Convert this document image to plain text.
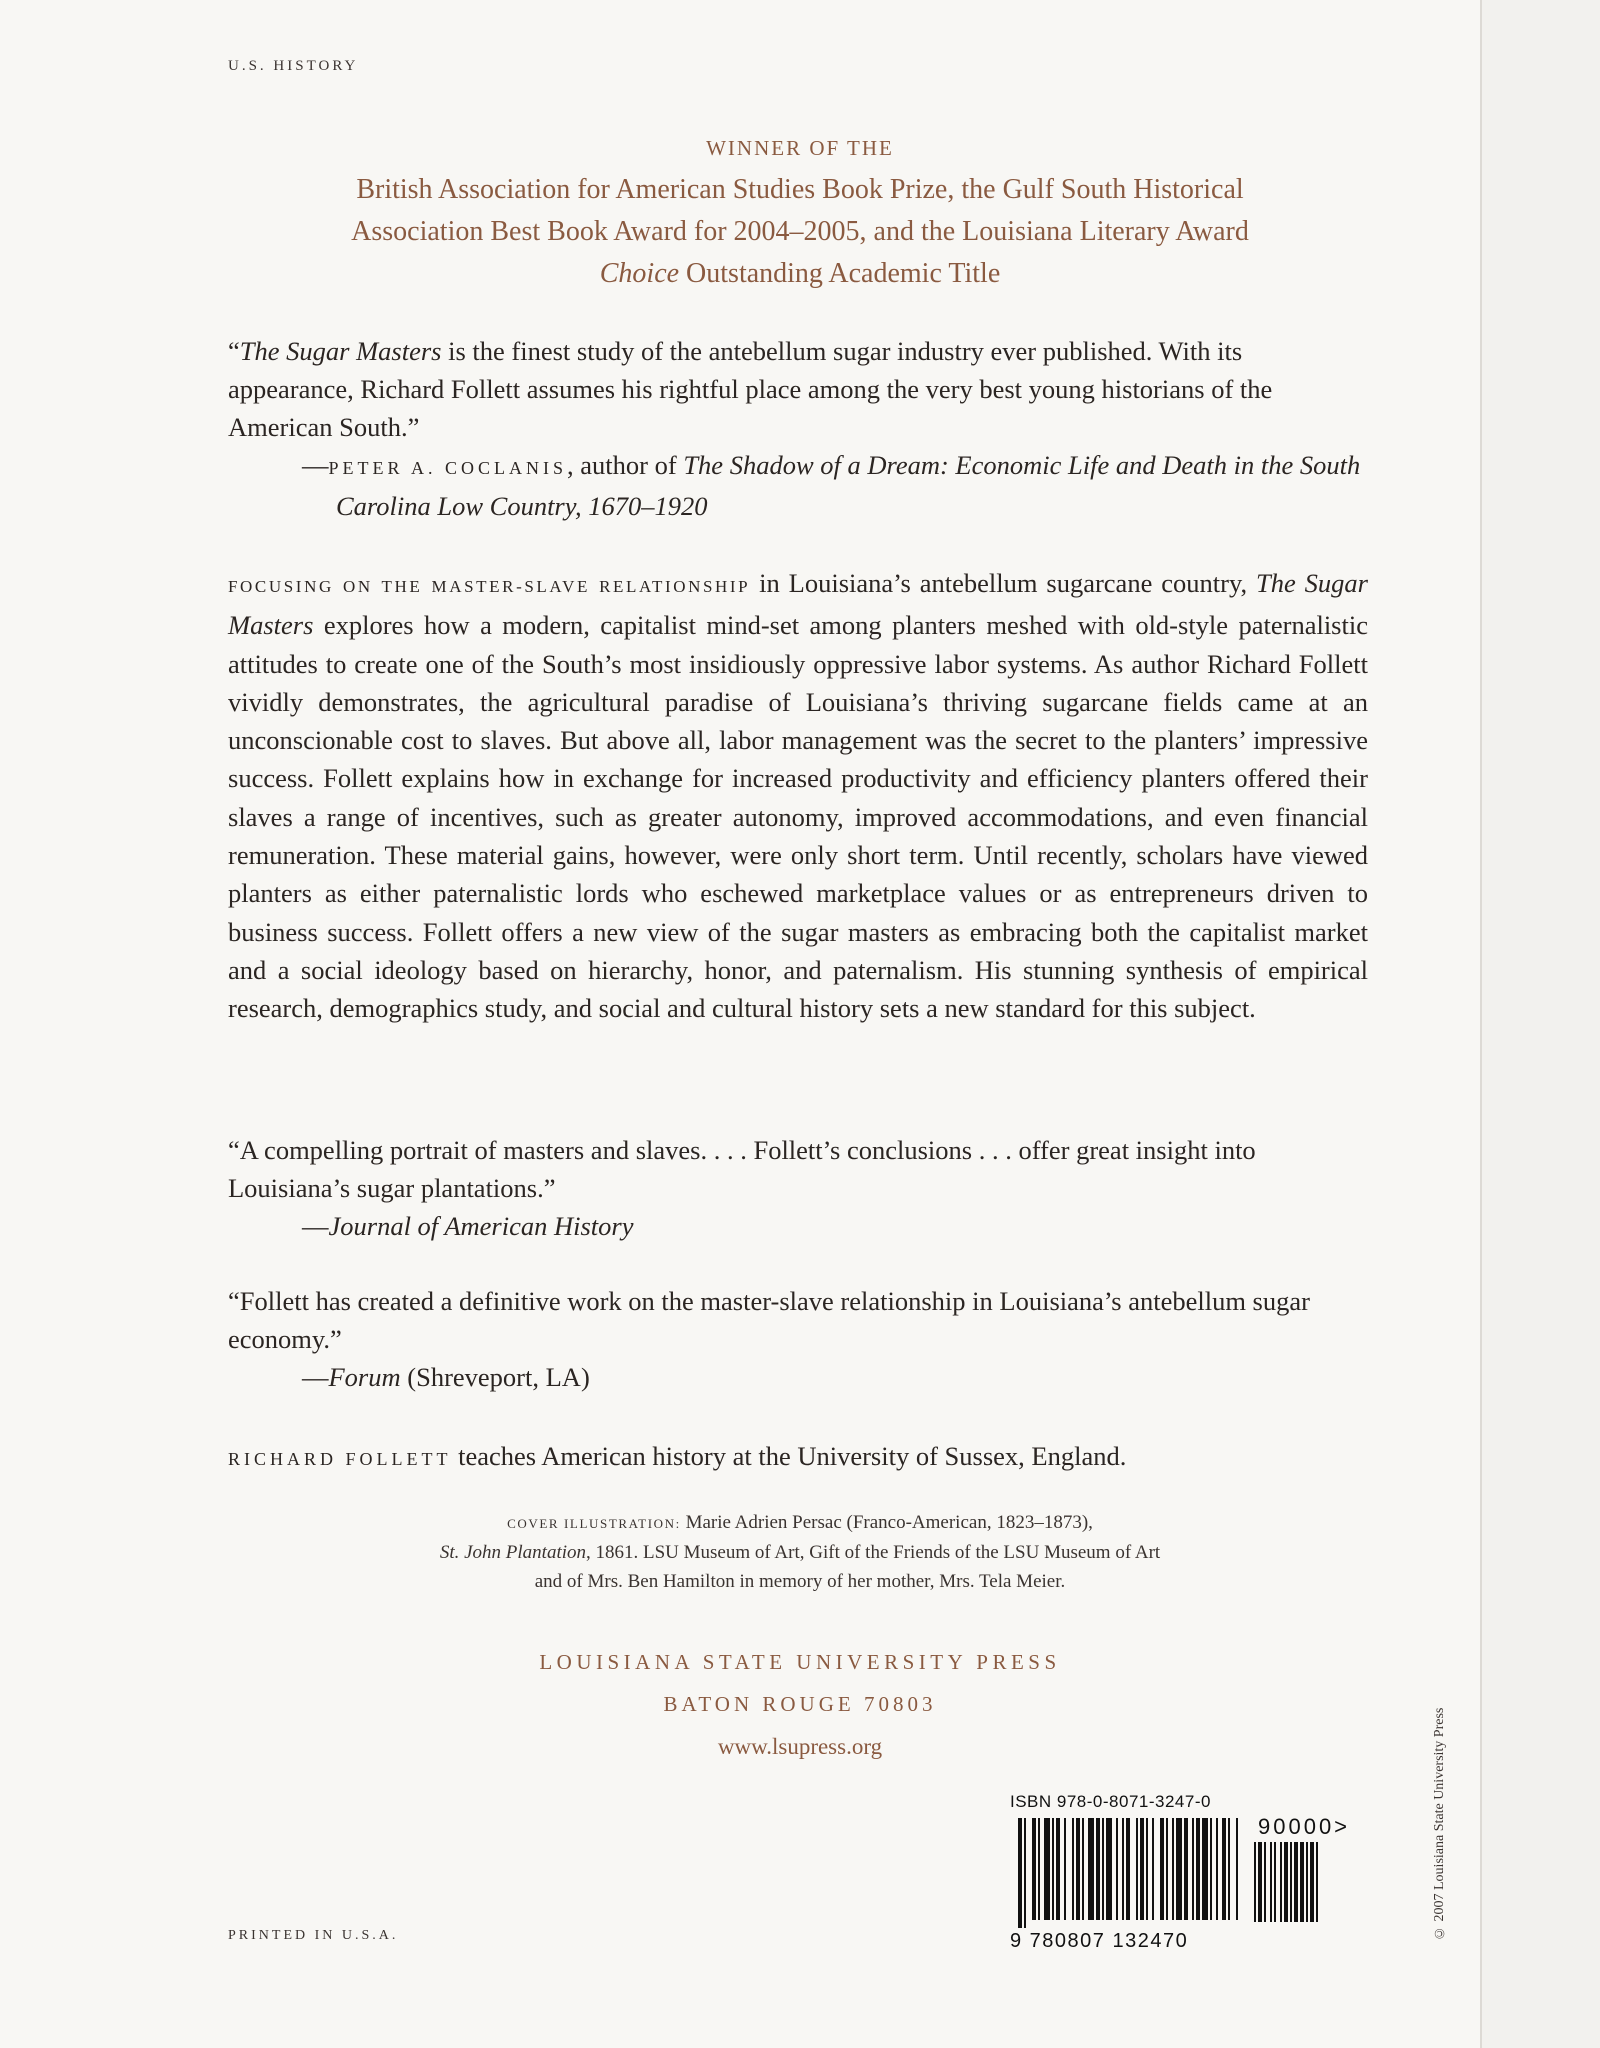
U.S. HISTORY
WINNER OF THE
British Association for American Studies Book Prize, the Gulf South Historical
Association Best Book Award for 2004–2005, and the Louisiana Literary Award
Choice Outstanding Academic Title
“The Sugar Masters is the finest study of the antebellum sugar industry ever published. With its appearance, Richard Follett assumes his rightful place among the very best young historians of the American South.”
—PETER A. COCLANIS, author of The Shadow of a Dream: Economic Life and Death in the South Carolina Low Country, 1670–1920
FOCUSING ON THE MASTER-SLAVE RELATIONSHIP in Louisiana’s antebellum sugarcane country, The Sugar Masters explores how a modern, capitalist mind-set among planters meshed with old-style paternalistic attitudes to create one of the South’s most insidiously oppressive labor systems. As author Richard Follett vividly demonstrates, the agricultural paradise of Louisiana’s thriving sugarcane fields came at an unconscionable cost to slaves. But above all, labor management was the secret to the planters’ impressive success. Follett explains how in exchange for increased productivity and efficiency planters offered their slaves a range of incentives, such as greater autonomy, improved accommodations, and even financial remuneration. These material gains, however, were only short term. Until recently, scholars have viewed planters as either paternalistic lords who eschewed marketplace values or as entrepreneurs driven to business success. Follett offers a new view of the sugar masters as embracing both the capitalist market and a social ideology based on hierarchy, honor, and paternalism. His stunning synthesis of empirical research, demographics study, and social and cultural history sets a new standard for this subject.
“A compelling portrait of masters and slaves. . . . Follett’s conclusions . . . offer great insight into Louisiana’s sugar plantations.”
—Journal of American History
“Follett has created a definitive work on the master-slave relationship in Louisiana’s antebellum sugar economy.”
—Forum (Shreveport, LA)
RICHARD FOLLETT teaches American history at the University of Sussex, England.
COVER ILLUSTRATION: Marie Adrien Persac (Franco-American, 1823–1873),
St. John Plantation, 1861. LSU Museum of Art, Gift of the Friends of the LSU Museum of Art
and of Mrs. Ben Hamilton in memory of her mother, Mrs. Tela Meier.
LOUISIANA STATE UNIVERSITY PRESS
BATON ROUGE 70803
www.lsupress.org
ISBN 978-0-8071-3247-0
9 780807 132470
90000>
PRINTED IN U.S.A.	© 2007 Louisiana State University Press
